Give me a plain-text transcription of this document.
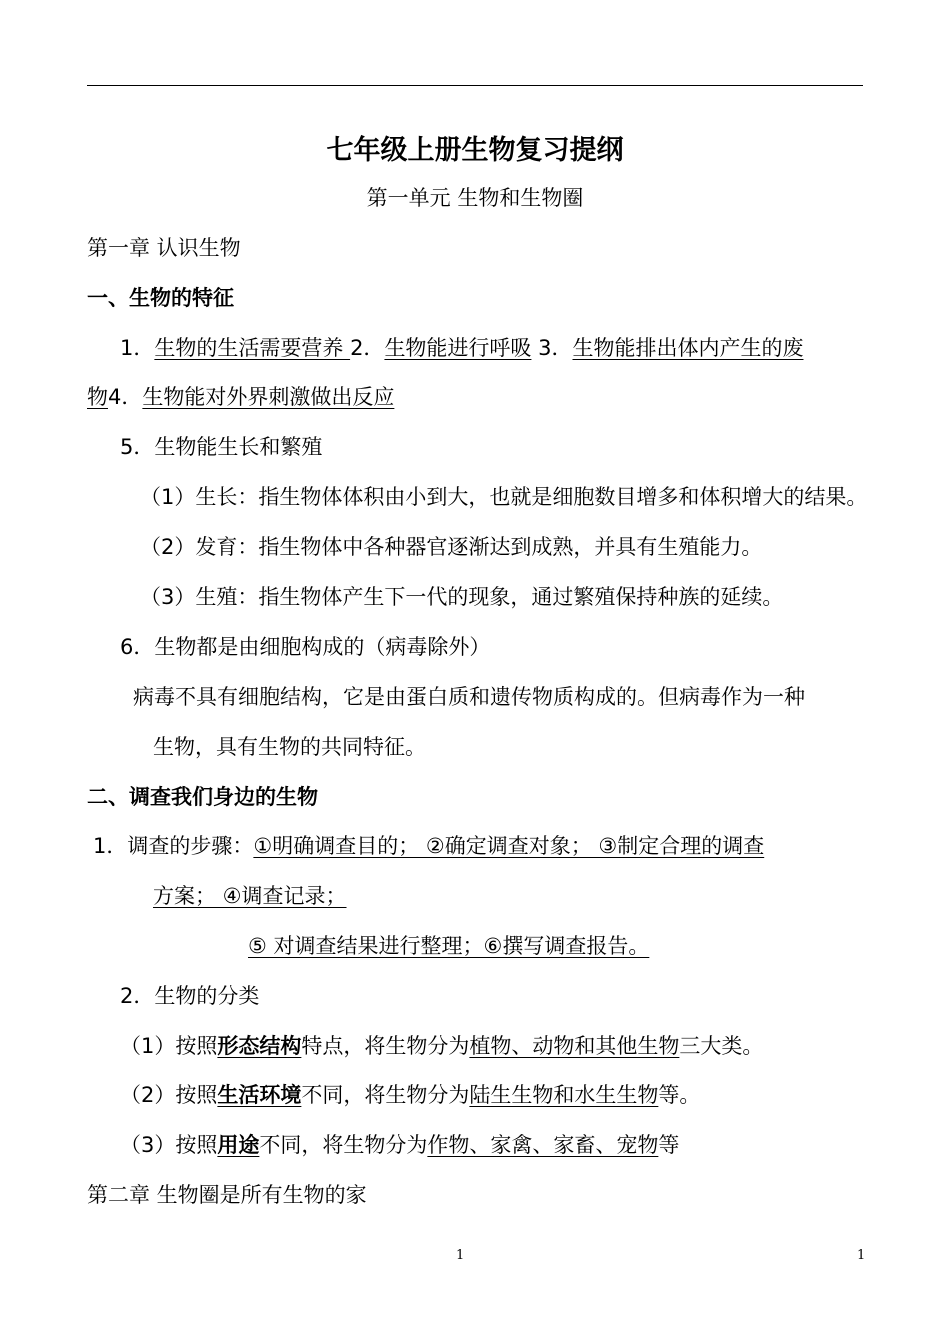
七年级上册生物复习提纲
第一单元 生物和生物圈
第一章 认识生物
一、生物的特征
1．生物的生活需要营养 2．生物能进行呼吸 3．生物能排出体内产生的废
物4．生物能对外界刺激做出反应
5．生物能生长和繁殖
（1）生长：指生物体体积由小到大，也就是细胞数目增多和体积增大的结果。
（2）发育：指生物体中各种器官逐渐达到成熟，并具有生殖能力。
（3）生殖：指生物体产生下一代的现象，通过繁殖保持种族的延续。
6．生物都是由细胞构成的（病毒除外）
病毒不具有细胞结构，它是由蛋白质和遗传物质构成的。但病毒作为一种
生物，具有生物的共同特征。
二、调查我们身边的生物
1．调查的步骤：①明确调查目的； ②确定调查对象； ③制定合理的调查
方案； ④调查记录；
⑤ 对调查结果进行整理；⑥撰写调查报告。
2．生物的分类
（1）按照形态结构特点，将生物分为植物、动物和其他生物三大类。
（2）按照生活环境不同，将生物分为陆生生物和水生生物等。
（3）按照用途不同，将生物分为作物、家禽、家畜、宠物等
第二章 生物圈是所有生物的家
1	1
